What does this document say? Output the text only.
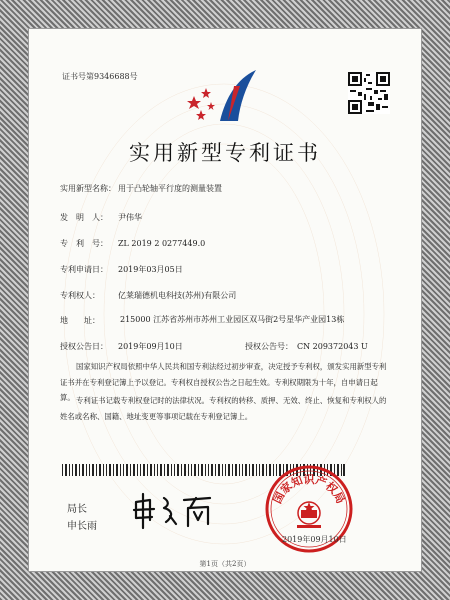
证书号第9346688号
实用新型专利证书
实用新型名称： 用于凸轮轴平行度的测量装置
发　明　人： 尹伟华
专　利　号： ZL 2019 2 0277449.0
专利申请日： 2019年03月05日
专利权人： 亿莱瑞德机电科技(苏州)有限公司
地　　址：	215000 江苏省苏州市苏州工业园区双马街2号星华产业园13栋
授权公告日： 2019年09月10日	授权公告号： CN 209372043 U
国家知识产权局依照中华人民共和国专利法经过初步审查，决定授予专利权，颁发实用新型专利证书并在专利登记簿上予以登记。专利权自授权公告之日起生效。专利权期限为十年，自申请日起算。 专利证书记载专利权登记时的法律状况。专利权的转移、质押、无效、终止、恢复和专利权人的姓名或名称、国籍、地址变更等事项记载在专利登记簿上。
局长
申长雨
国家知识产权局
2019年09月10日
第1页（共2页）
